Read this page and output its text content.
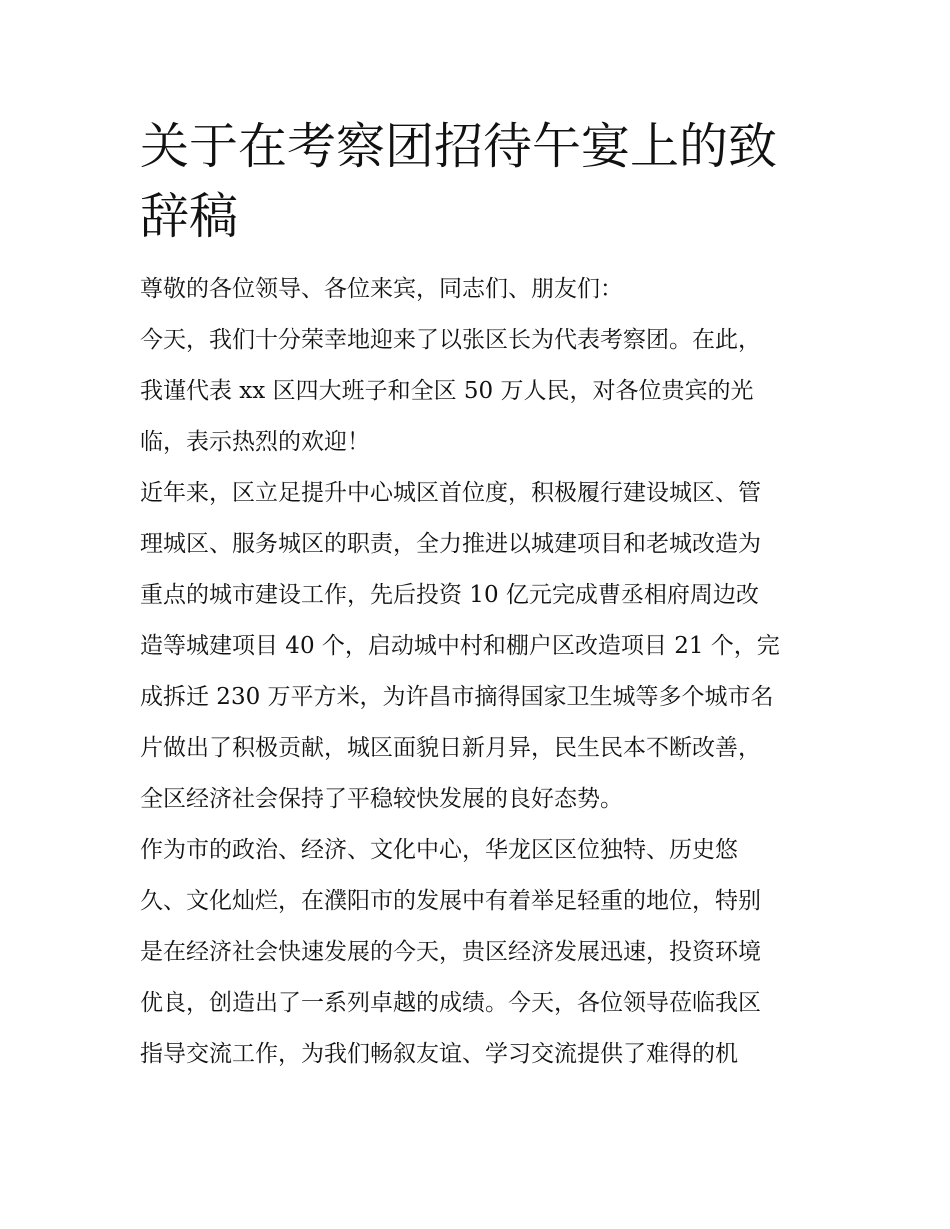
关于在考察团招待午宴上的致
辞稿

尊敬的各位领导、各位来宾，同志们、朋友们：

今天，我们十分荣幸地迎来了以张区长为代表考察团。在此，
我谨代表 xx 区四大班子和全区 50 万人民，对各位贵宾的光
临，表示热烈的欢迎！

近年来，区立足提升中心城区首位度，积极履行建设城区、管
理城区、服务城区的职责，全力推进以城建项目和老城改造为
重点的城市建设工作，先后投资 10 亿元完成曹丞相府周边改
造等城建项目 40 个，启动城中村和棚户区改造项目 21 个，完
成拆迁 230 万平方米，为许昌市摘得国家卫生城等多个城市名
片做出了积极贡献，城区面貌日新月异，民生民本不断改善，
全区经济社会保持了平稳较快发展的良好态势。

作为市的政治、经济、文化中心，华龙区区位独特、历史悠
久、文化灿烂，在濮阳市的发展中有着举足轻重的地位，特别
是在经济社会快速发展的今天，贵区经济发展迅速，投资环境
优良，创造出了一系列卓越的成绩。今天，各位领导莅临我区
指导交流工作，为我们畅叙友谊、学习交流提供了难得的机
